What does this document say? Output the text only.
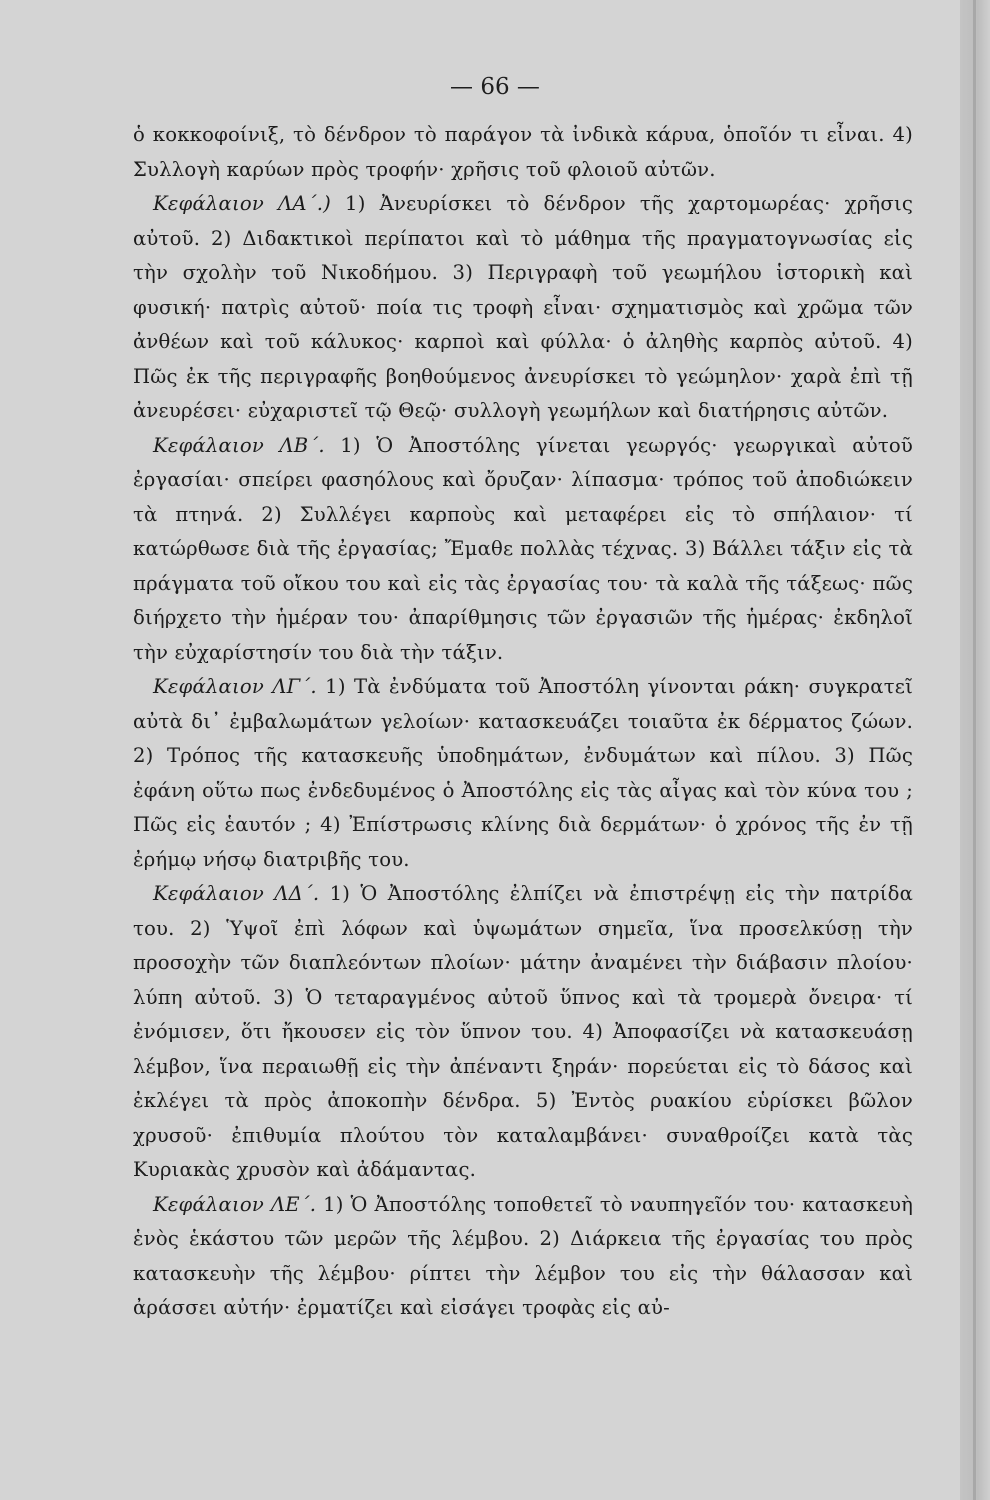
— 66 —

ὁ κοκκοφοίνιξ, τὸ δένδρον τὸ παράγον τὰ ἰνδικὰ κάρυα, ὁποῖόν τι εἶναι. 4) Συλλογὴ καρύων πρὸς τροφήν· χρῆσις τοῦ φλοιοῦ αὐτῶν.

Κεφάλαιον ΛΑ΄.) 1) Ἀνευρίσκει τὸ δένδρον τῆς χαρτομωρέας· χρῆσις αὐτοῦ. 2) Διδακτικοὶ περίπατοι καὶ τὸ μάθημα τῆς πραγματογνωσίας εἰς τὴν σχολὴν τοῦ Νικοδήμου. 3) Περιγραφὴ τοῦ γεωμήλου ἱστορικὴ καὶ φυσική· πατρὶς αὐτοῦ· ποία τις τροφὴ εἶναι· σχηματισμὸς καὶ χρῶμα τῶν ἀνθέων καὶ τοῦ κάλυκος· καρποὶ καὶ φύλλα· ὁ ἀληθὴς καρπὸς αὐτοῦ. 4) Πῶς ἐκ τῆς περιγραφῆς βοηθούμενος ἀνευρίσκει τὸ γεώμηλον· χαρὰ ἐπὶ τῇ ἀνευρέσει· εὐχαριστεῖ τῷ Θεῷ· συλλογὴ γεωμήλων καὶ διατήρησις αὐτῶν.

Κεφάλαιον ΛΒ΄. 1) Ὁ Ἀποστόλης γίνεται γεωργός· γεωργικαὶ αὐτοῦ ἐργασίαι· σπείρει φασηόλους καὶ ὄρυζαν· λίπασμα· τρόπος τοῦ ἀποδιώκειν τὰ πτηνά. 2) Συλλέγει καρποὺς καὶ μεταφέρει εἰς τὸ σπήλαιον· τί κατώρθωσε διὰ τῆς ἐργασίας; Ἔμαθε πολλὰς τέχνας. 3) Βάλλει τάξιν εἰς τὰ πράγματα τοῦ οἴκου του καὶ εἰς τὰς ἐργασίας του· τὰ καλὰ τῆς τάξεως· πῶς διήρχετο τὴν ἡμέραν του· ἀπαρίθμησις τῶν ἐργασιῶν τῆς ἡμέρας· ἐκδηλοῖ τὴν εὐχαρίστησίν του διὰ τὴν τάξιν.

Κεφάλαιον ΛΓ΄. 1) Τὰ ἐνδύματα τοῦ Ἀποστόλη γίνονται ράκη· συγκρατεῖ αὐτὰ δι᾽ ἐμβαλωμάτων γελοίων· κατασκευάζει τοιαῦτα ἐκ δέρματος ζώων. 2) Τρόπος τῆς κατασκευῆς ὑποδημάτων, ἐνδυμάτων καὶ πίλου. 3) Πῶς ἐφάνη οὕτω πως ἐνδεδυμένος ὁ Ἀποστόλης εἰς τὰς αἶγας καὶ τὸν κύνα του ; Πῶς εἰς ἑαυτόν ; 4) Ἐπίστρωσις κλίνης διὰ δερμάτων· ὁ χρόνος τῆς ἐν τῇ ἐρήμῳ νήσῳ διατριβῆς του.

Κεφάλαιον ΛΔ΄. 1) Ὁ Ἀποστόλης ἐλπίζει νὰ ἐπιστρέψῃ εἰς τὴν πατρίδα του. 2) Ὑψοῖ ἐπὶ λόφων καὶ ὑψωμάτων σημεῖα, ἵνα προσελκύσῃ τὴν προσοχὴν τῶν διαπλεόντων πλοίων· μάτην ἀναμένει τὴν διάβασιν πλοίου· λύπη αὐτοῦ. 3) Ὁ τεταραγμένος αὐτοῦ ὕπνος καὶ τὰ τρομερὰ ὄνειρα· τί ἐνόμισεν, ὅτι ἤκουσεν εἰς τὸν ὕπνον του. 4) Ἀποφασίζει νὰ κατασκευάσῃ λέμβον, ἵνα περαιωθῇ εἰς τὴν ἀπέναντι ξηράν· πορεύεται εἰς τὸ δάσος καὶ ἐκλέγει τὰ πρὸς ἀποκοπὴν δένδρα. 5) Ἐντὸς ρυακίου εὑρίσκει βῶλον χρυσοῦ· ἐπιθυμία πλούτου τὸν καταλαμβάνει· συναθροίζει κατὰ τὰς Κυριακὰς χρυσὸν καὶ ἀδάμαντας.

Κεφάλαιον ΛΕ΄. 1) Ὁ Ἀποστόλης τοποθετεῖ τὸ ναυπηγεῖόν του· κατασκευὴ ἑνὸς ἑκάστου τῶν μερῶν τῆς λέμβου. 2) Διάρκεια τῆς ἐργασίας του πρὸς κατασκευὴν τῆς λέμβου· ρίπτει τὴν λέμβον του εἰς τὴν θάλασσαν καὶ ἀράσσει αὐτήν· ἐρματίζει καὶ εἰσάγει τροφὰς εἰς αὐ-
